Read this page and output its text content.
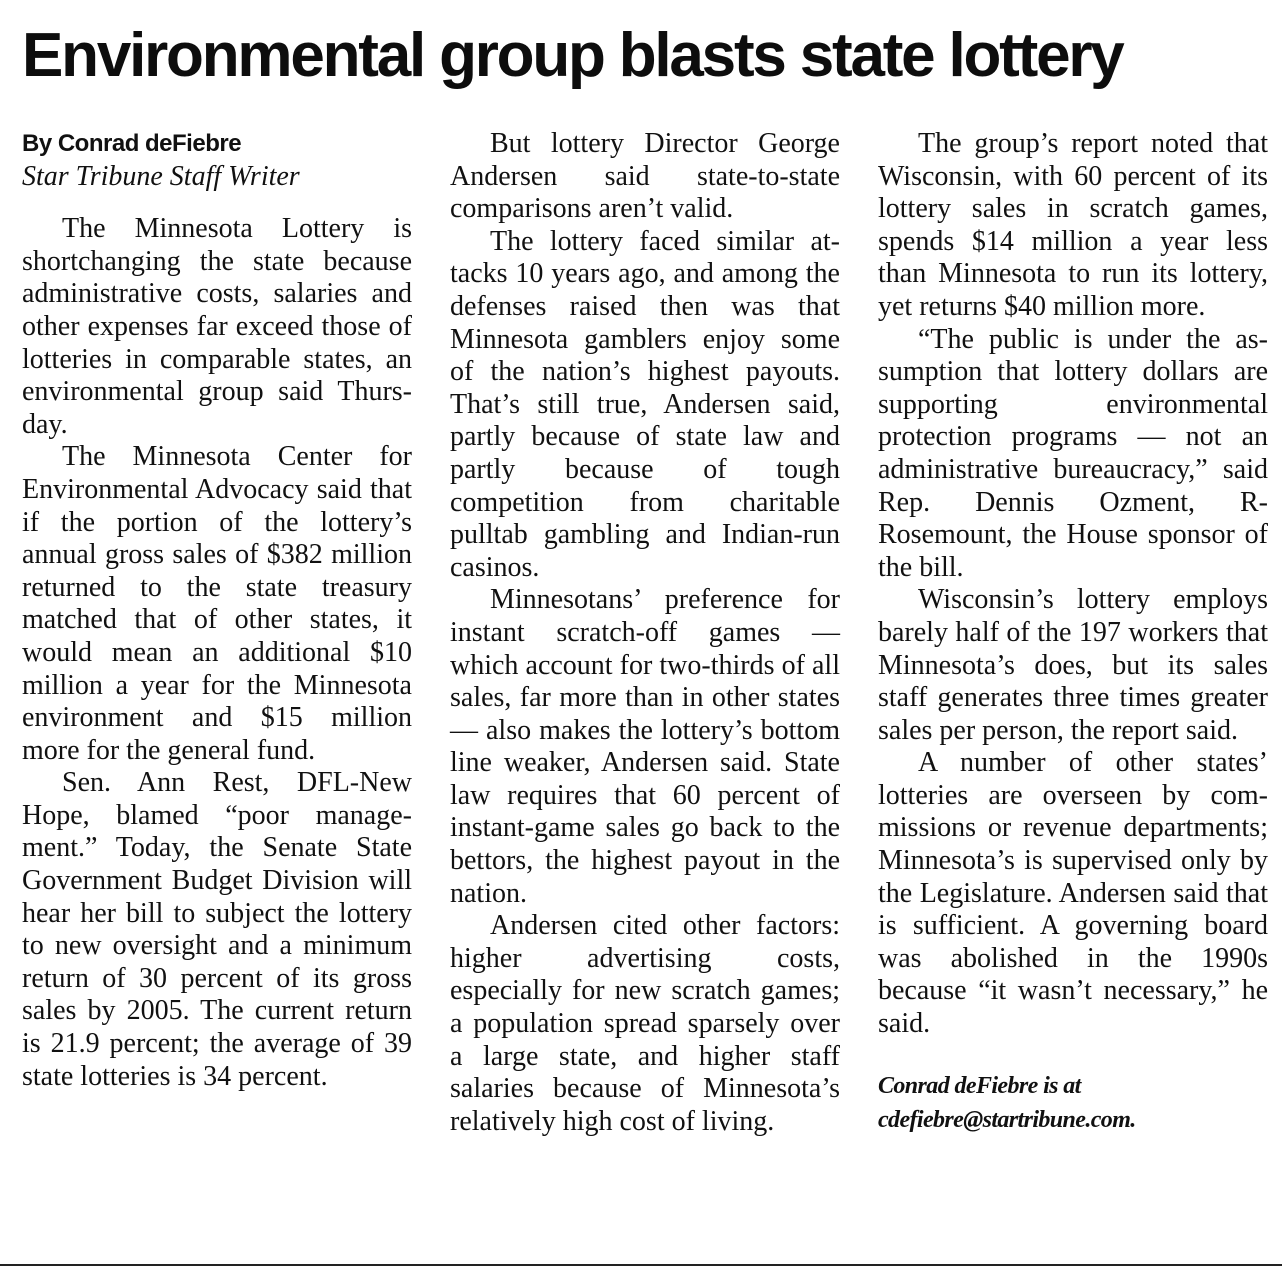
Environmental group blasts state lottery
By Conrad deFiebre
Star Tribune Staff Writer

The Minnesota Lottery is shortchanging the state because administrative costs, salaries and other expenses far exceed those of lotteries in comparable states, an environmental group said Thursday.

The Minnesota Center for Environmental Advocacy said that if the portion of the lottery’s annual gross sales of $382 million returned to the state treasury matched that of other states, it would mean an additional $10 million a year for the Minnesota environment and $15 million more for the general fund.

Sen. Ann Rest, DFL-New Hope, blamed “poor management.” Today, the Senate State Government Budget Division will hear her bill to subject the lottery to new oversight and a minimum return of 30 percent of its gross sales by 2005. The current return is 21.9 percent; the average of 39 state lotteries is 34 percent.

But lottery Director George Andersen said state-to-state comparisons aren’t valid.

The lottery faced similar attacks 10 years ago, and among the defenses raised then was that Minnesota gamblers enjoy some of the nation’s highest payouts. That’s still true, Andersen said, partly because of state law and partly because of tough competition from charitable pulltab gambling and Indian-run casinos.

Minnesotans’ preference for instant scratch-off games — which account for two-thirds of all sales, far more than in other states — also makes the lottery’s bottom line weaker, Andersen said. State law requires that 60 percent of instant-game sales go back to the bettors, the highest payout in the nation.

Andersen cited other factors: higher advertising costs, especially for new scratch games; a population spread sparsely over a large state, and higher staff salaries because of Minnesota’s relatively high cost of living.

The group’s report noted that Wisconsin, with 60 percent of its lottery sales in scratch games, spends $14 million a year less than Minnesota to run its lottery, yet returns $40 million more.

“The public is under the assumption that lottery dollars are supporting environmental protection programs — not an administrative bureaucracy,” said Rep. Dennis Ozment, R-Rosemount, the House sponsor of the bill.

Wisconsin’s lottery employs barely half of the 197 workers that Minnesota’s does, but its sales staff generates three times greater sales per person, the report said.

A number of other states’ lotteries are overseen by commissions or revenue departments; Minnesota’s is supervised only by the Legislature. Andersen said that is sufficient. A governing board was abolished in the 1990s because “it wasn’t necessary,” he said.

Conrad deFiebre is at
cdefiebre@startribune.com.
